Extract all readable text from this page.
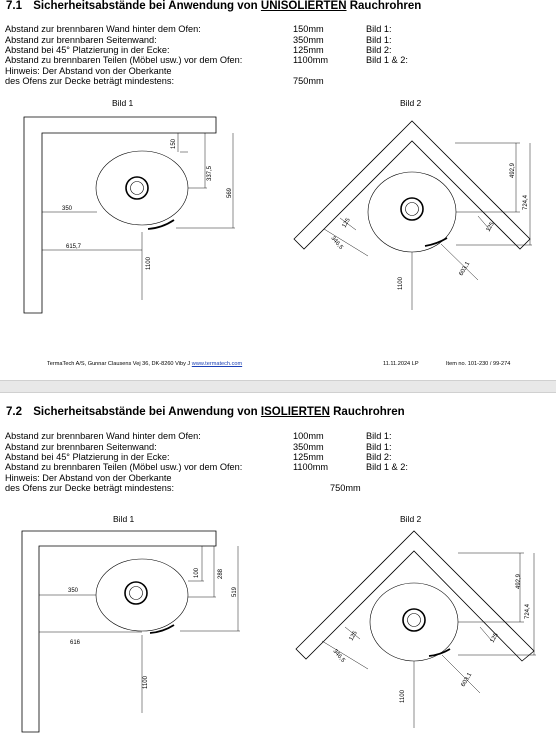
7.1 Sicherheitsabstände bei Anwendung von UNISOLIERTEN Rauchrohren
Abstand zur brennbaren Wand hinter dem Ofen:	150mm	Bild 1:
Abstand zur brennbaren Seitenwand:	350mm	Bild 1:
Abstand bei 45° Platzierung in der Ecke:	125mm	Bild 2:
Abstand zu brennbaren Teilen (Möbel usw.) vor dem Ofen:	1100mm	Bild 1 & 2:
Hinweis: Der Abstand von der Oberkante
des Ofens zur Decke beträgt mindestens:	750mm
Bild 1	Bild 2
350
615,7
1100
150
337,5
569
492,9
724,4
125	125
346,5
1100
603,1
TermaTech A/S, Gunnar Clausens Vej 36, DK-8260 Viby J www.termatech.com	11.11.2024 LP	Item no. 101-230 / 99-274
7.2 Sicherheitsabstände bei Anwendung von ISOLIERTEN Rauchrohren
Abstand zur brennbaren Wand hinter dem Ofen:	100mm	Bild 1:
Abstand zur brennbaren Seitenwand:	350mm	Bild 1:
Abstand bei 45° Platzierung in der Ecke:	125mm	Bild 2:
Abstand zu brennbaren Teilen (Möbel usw.) vor dem Ofen:	1100mm	Bild 1 & 2:
Hinweis: Der Abstand von der Oberkante
des Ofens zur Decke beträgt mindestens:	750mm
Bild 1	Bild 2
350
616
1100
100	288
519
492,9
724,4
125	125
346,5
1100
603,1
